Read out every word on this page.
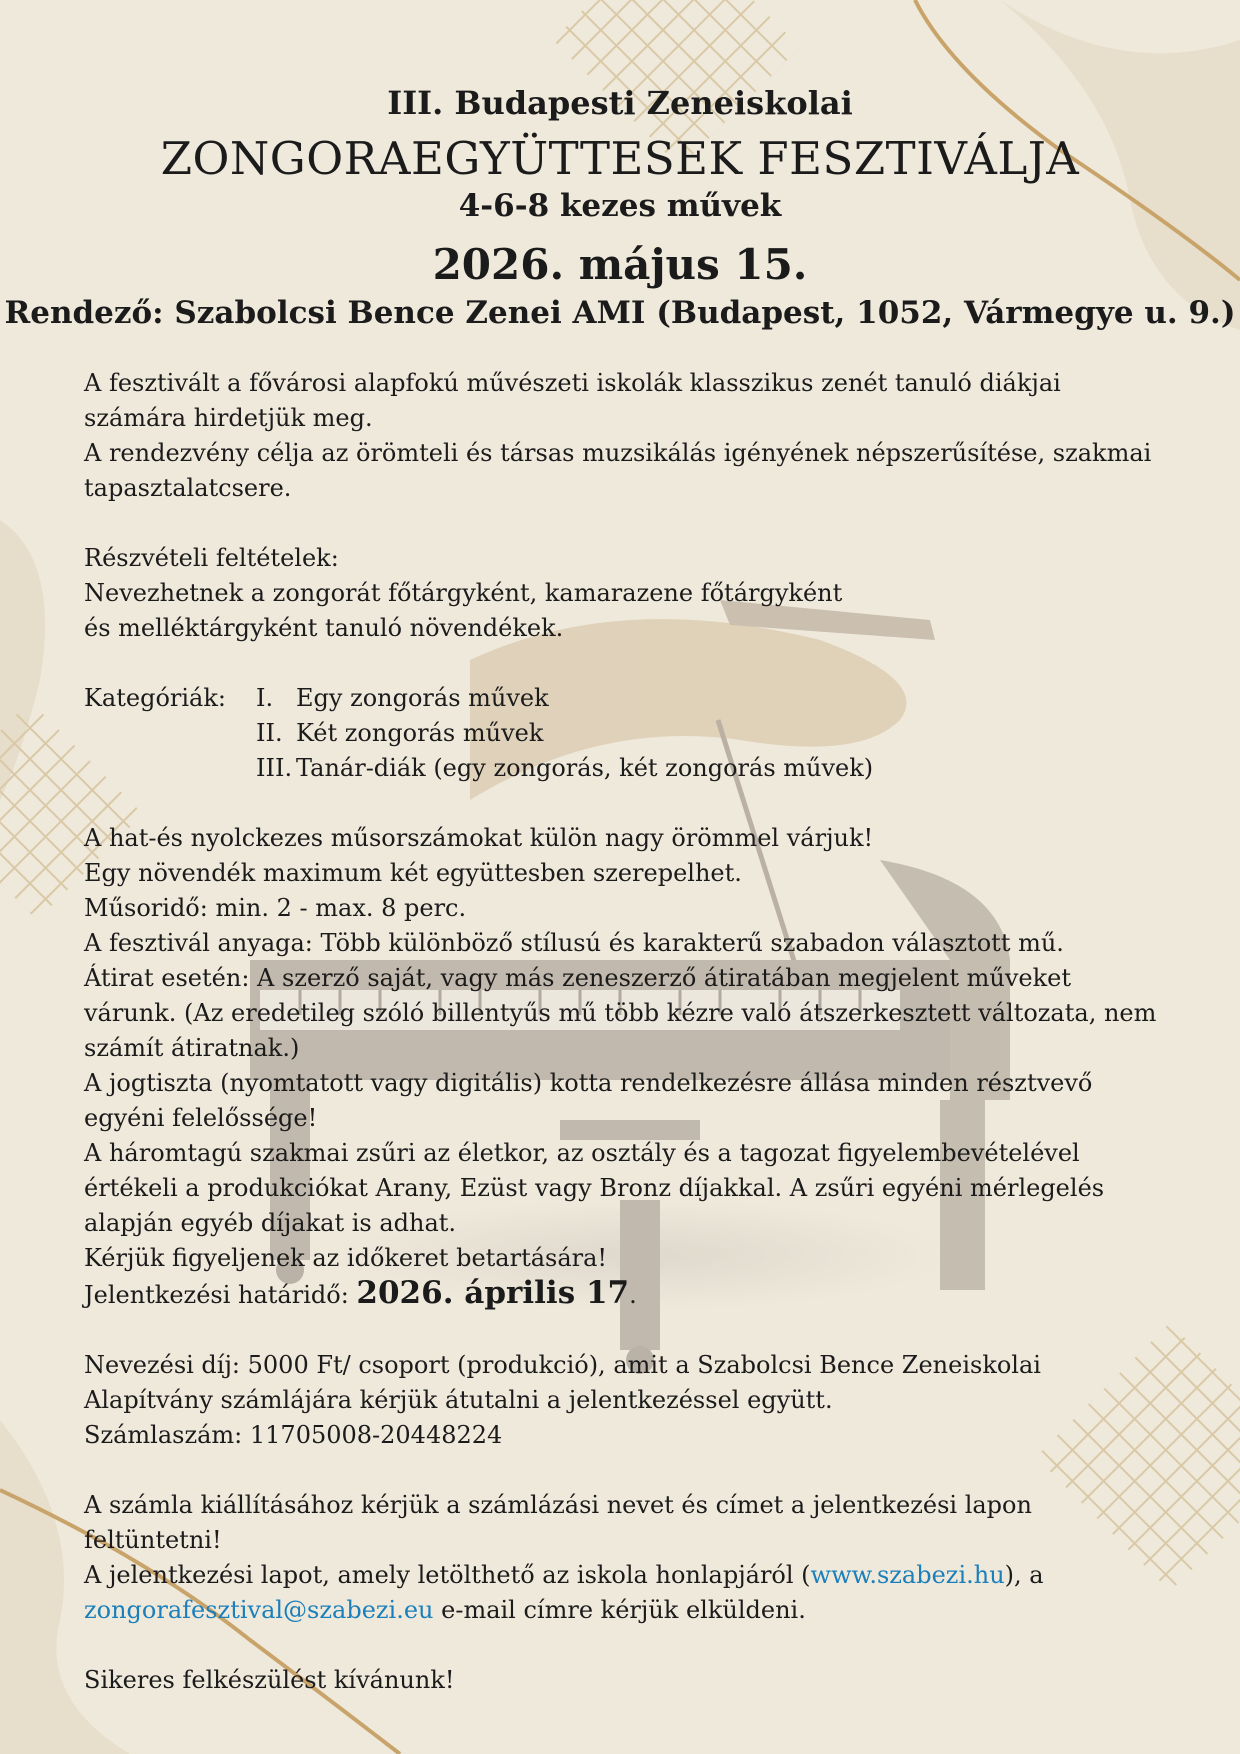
III. Budapesti Zeneiskolai
ZONGORAEGYÜTTESEK FESZTIVÁLJA
4-6-8 kezes művek
2026. május 15.
Rendező: Szabolcsi Bence Zenei AMI (Budapest, 1052, Vármegye u. 9.)

A fesztivált a fővárosi alapfokú művészeti iskolák klasszikus zenét tanuló diákjai számára hirdetjük meg.

A rendezvény célja az örömteli és társas muzsikálás igényének népszerűsítése, szakmai tapasztalatcsere.

Részvételi feltételek:

Nevezhetnek a zongorát főtárgyként, kamarazene főtárgyként és melléktárgyként tanuló növendékek.

Kategóriák:	I. Egy zongorás művek
II. Két zongorás művek
III. Tanár-diák (egy zongorás, két zongorás művek)

A hat-és nyolckezes műsorszámokat külön nagy örömmel várjuk!

Egy növendék maximum két együttesben szerepelhet.

Műsoridő: min. 2 - max. 8 perc.

A fesztivál anyaga: Több különböző stílusú és karakterű szabadon választott mű.

Átirat esetén: A szerző saját, vagy más zeneszerző átiratában megjelent műveket várunk. (Az eredetileg szóló billentyűs mű több kézre való átszerkesztett változata, nem számít átiratnak.)

A jogtiszta (nyomtatott vagy digitális) kotta rendelkezésre állása minden résztvevő egyéni felelőssége!

A háromtagú szakmai zsűri az életkor, az osztály és a tagozat figyelembevételével értékeli a produkciókat Arany, Ezüst vagy Bronz díjakkal. A zsűri egyéni mérlegelés alapján egyéb díjakat is adhat.

Kérjük figyeljenek az időkeret betartására!

Jelentkezési határidő: 2026. április 17.

Nevezési díj: 5000 Ft/ csoport (produkció), amit a Szabolcsi Bence Zeneiskolai Alapítvány számlájára kérjük átutalni a jelentkezéssel együtt.

Számlaszám: 11705008-20448224

A számla kiállításához kérjük a számlázási nevet és címet a jelentkezési lapon feltüntetni!

A jelentkezési lapot, amely letölthető az iskola honlapjáról (www.szabezi.hu), a zongorafesztival@szabezi.eu e-mail címre kérjük elküldeni.

Sikeres felkészülést kívánunk!
